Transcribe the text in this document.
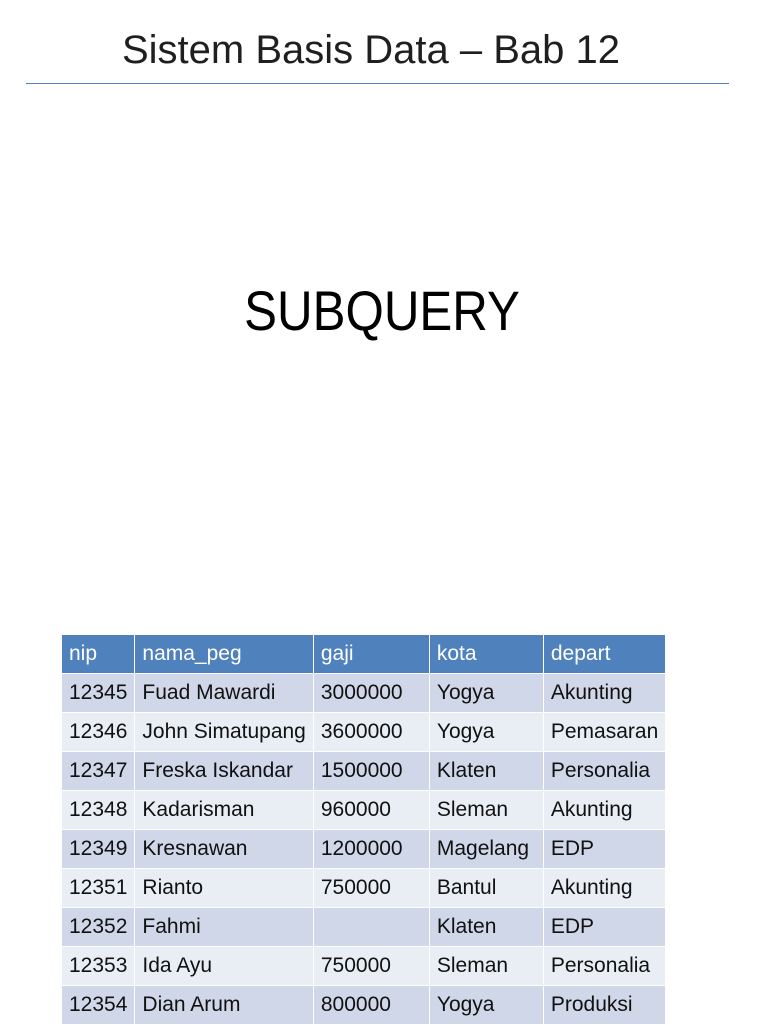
Sistem Basis Data – Bab 12
SUBQUERY
nip	nama_peg	gaji	kota	depart
12345	Fuad Mawardi	3000000	Yogya	Akunting
12346	John Simatupang	3600000	Yogya	Pemasaran
12347	Freska Iskandar	1500000	Klaten	Personalia
12348	Kadarisman	960000	Sleman	Akunting
12349	Kresnawan	1200000	Magelang	EDP
12351	Rianto	750000	Bantul	Akunting
12352	Fahmi		Klaten	EDP
12353	Ida Ayu	750000	Sleman	Personalia
12354	Dian Arum	800000	Yogya	Produksi
